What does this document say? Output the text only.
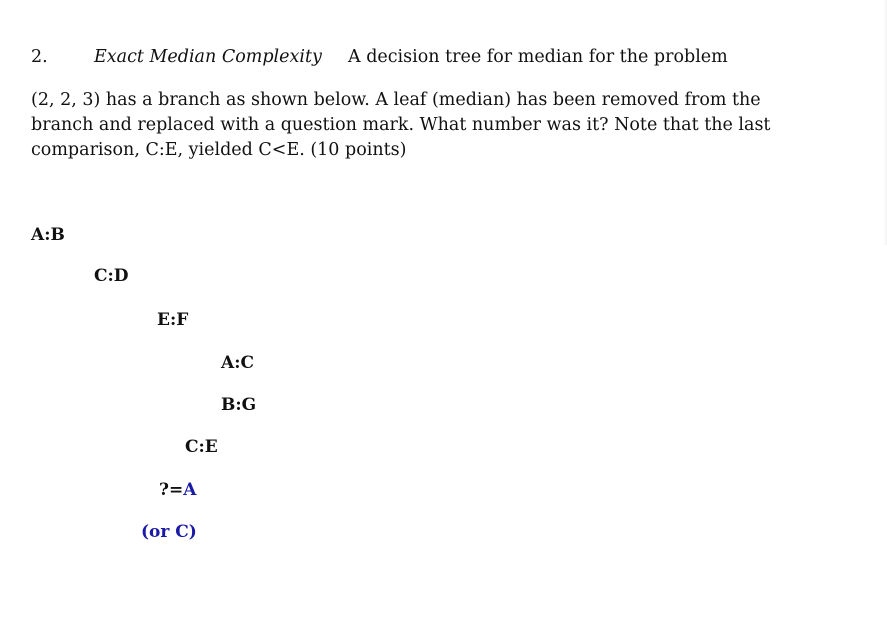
2.	Exact Median Complexity A decision tree for median for the problem

(2, 2, 3) has a branch as shown below. A leaf (median) has been removed from the

branch and replaced with a question mark. What number was it? Note that the last

comparison, C:E, yielded C<E. (10 points)

A:B
C:D
E:F
A:C
B:G
C:E
?=A
(or C)
